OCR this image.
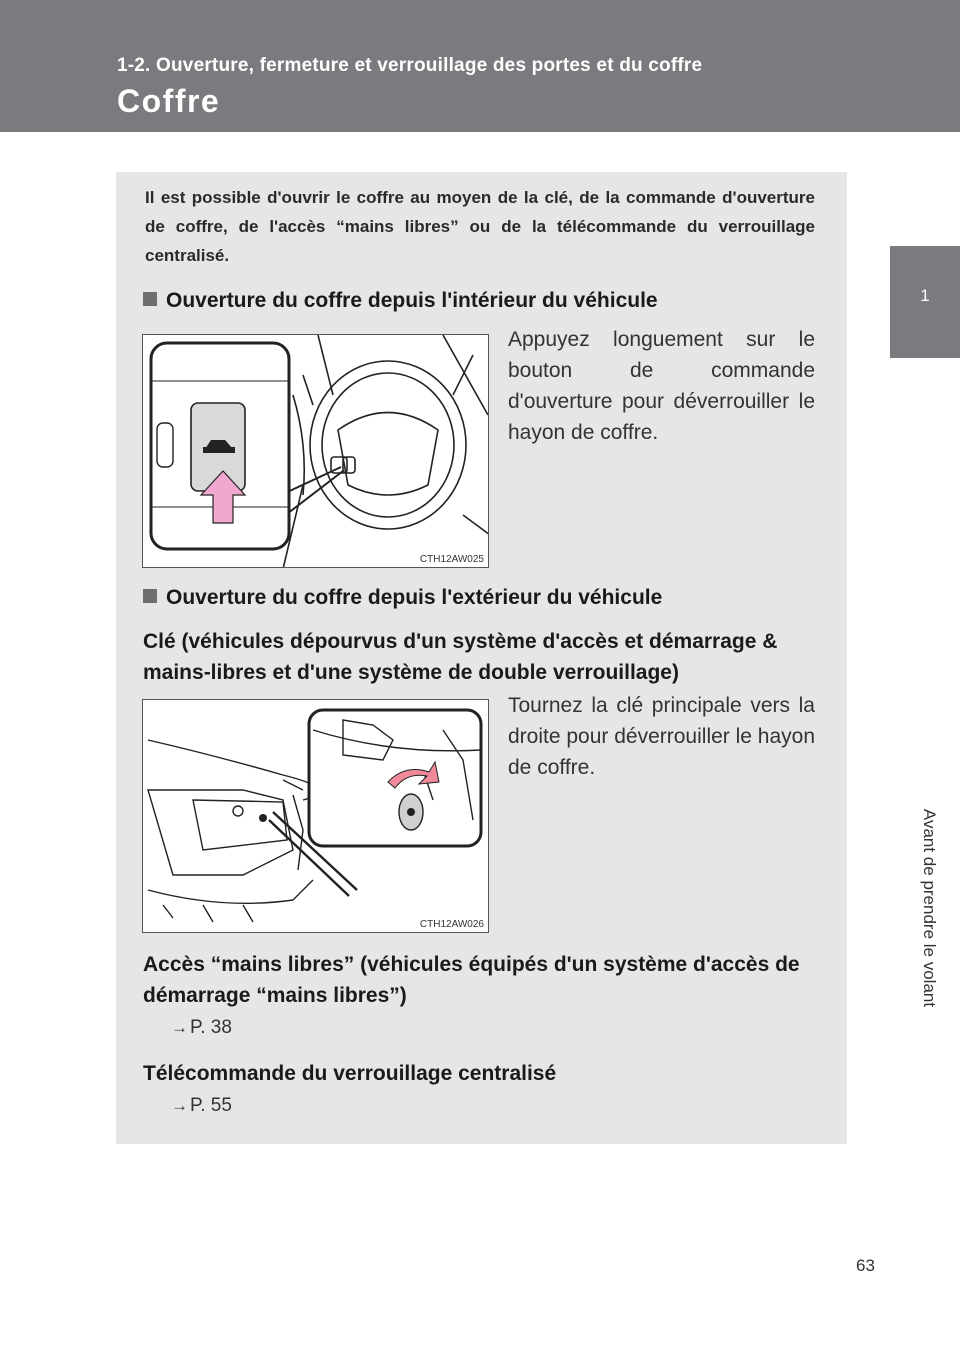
1-2. Ouverture, fermeture et verrouillage des portes et du coffre
Coffre
1
Avant de prendre le volant
Il est possible d'ouvrir le coffre au moyen de la clé, de la commande d'ouverture de coffre, de l'accès “mains libres” ou de la télécommande du verrouillage centralisé.
Ouverture du coffre depuis l'intérieur du véhicule
CTH12AW025
Appuyez longuement sur le bouton de commande d'ouverture pour déverrouiller le hayon de coffre.
Ouverture du coffre depuis l'extérieur du véhicule
Clé (véhicules dépourvus d'un système d'accès et démarrage & mains-libres et d'une système de double verrouillage)
CTH12AW026
Tournez la clé principale vers la droite pour déverrouiller le hayon de coffre.
Accès “mains libres” (véhicules équipés d'un système d'accès de démarrage “mains libres”)
→ P. 38
Télécommande du verrouillage centralisé
→ P. 55
63
